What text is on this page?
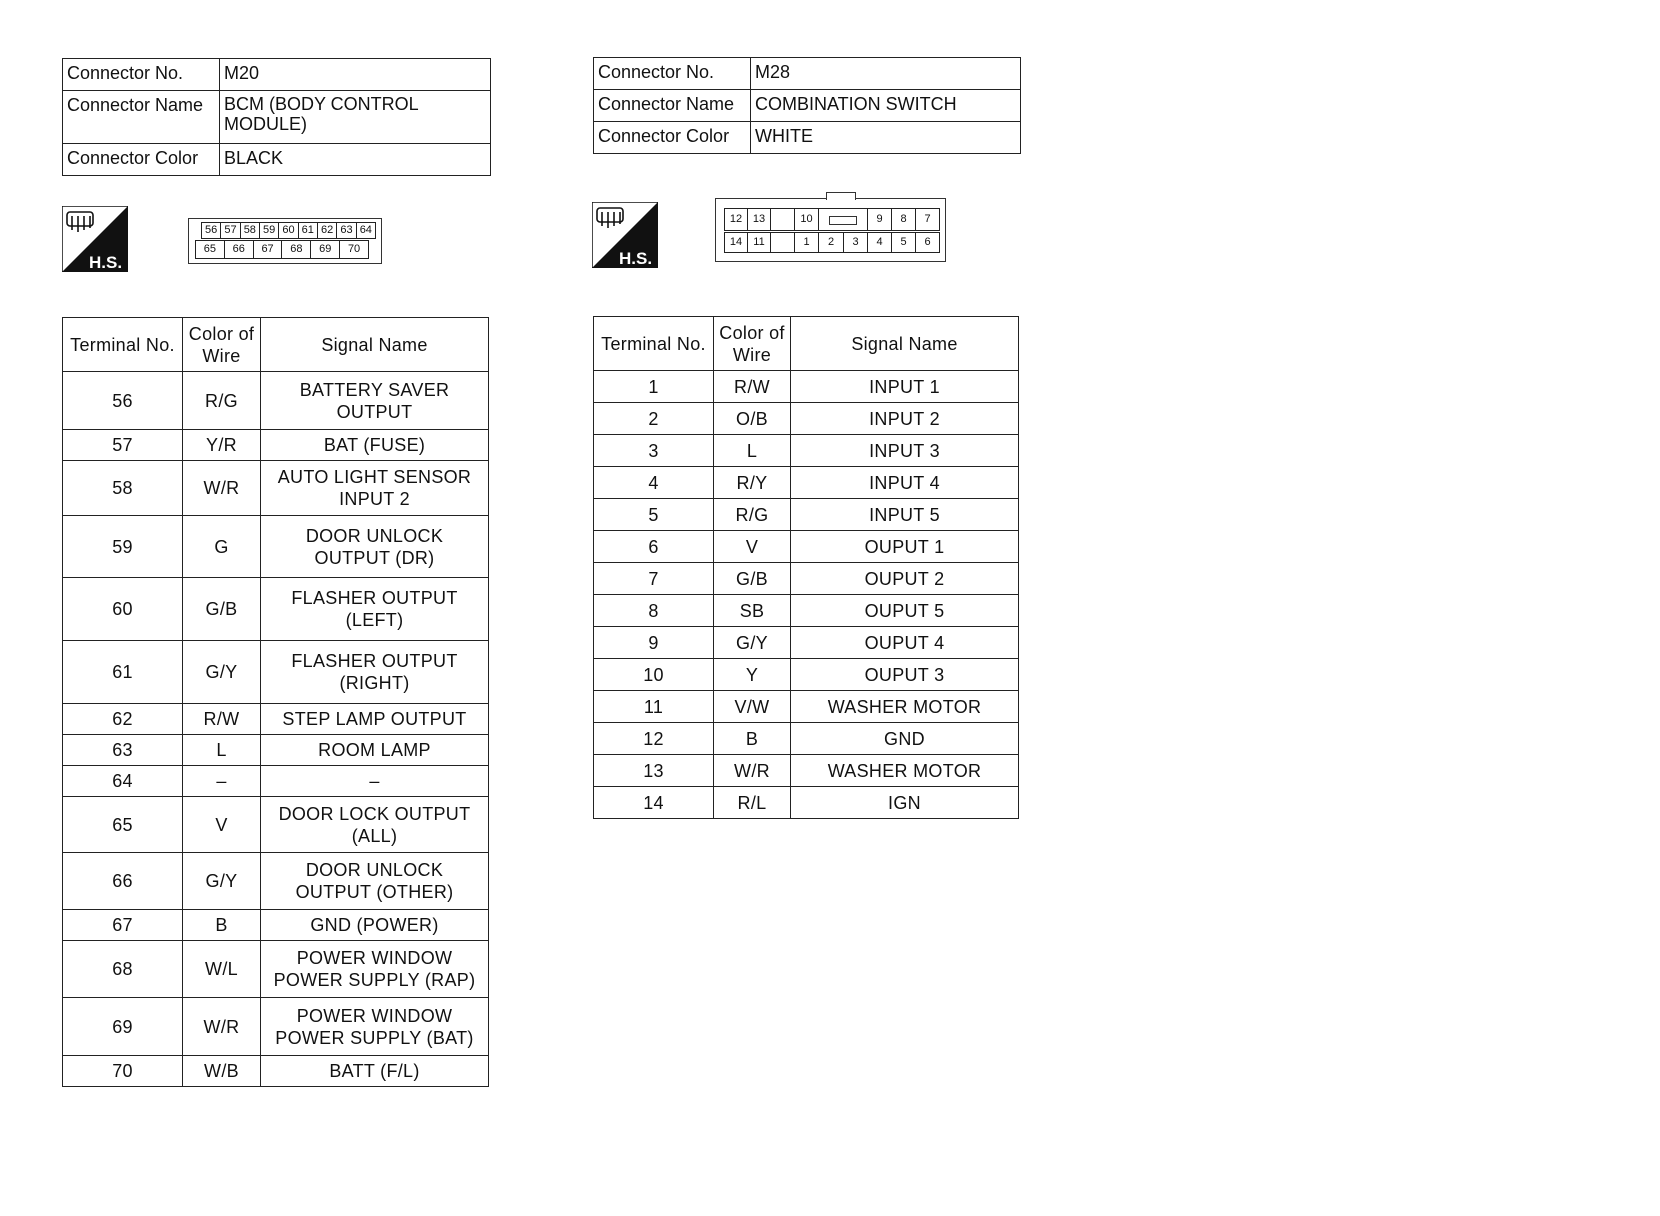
Connector No.	M20
Connector Name	BCM (BODY CONTROL MODULE)
Connector Color	BLACK
H.S.
56	57	58	59	60	61	62	63	64
65	66	67	68	69	70
Terminal No.	Color of Wire	Signal Name
56	R/G	BATTERY SAVER OUTPUT
57	Y/R	BAT (FUSE)
58	W/R	AUTO LIGHT SENSOR INPUT 2
59	G	DOOR UNLOCK OUTPUT (DR)
60	G/B	FLASHER OUTPUT (LEFT)
61	G/Y	FLASHER OUTPUT (RIGHT)
62	R/W	STEP LAMP OUTPUT
63	L	ROOM LAMP
64	–	–
65	V	DOOR LOCK OUTPUT (ALL)
66	G/Y	DOOR UNLOCK OUTPUT (OTHER)
67	B	GND (POWER)
68	W/L	POWER WINDOW POWER SUPPLY (RAP)
69	W/R	POWER WINDOW POWER SUPPLY (BAT)
70	W/B	BATT (F/L)
Connector No.	M28
Connector Name	COMBINATION SWITCH
Connector Color	WHITE
H.S.
12	13		10		9	8	7
14	11		1	2	3	4	5	6
Terminal No.	Color of Wire	Signal Name
1	R/W	INPUT 1
2	O/B	INPUT 2
3	L	INPUT 3
4	R/Y	INPUT 4
5	R/G	INPUT 5
6	V	OUPUT 1
7	G/B	OUPUT 2
8	SB	OUPUT 5
9	G/Y	OUPUT 4
10	Y	OUPUT 3
11	V/W	WASHER MOTOR
12	B	GND
13	W/R	WASHER MOTOR
14	R/L	IGN
